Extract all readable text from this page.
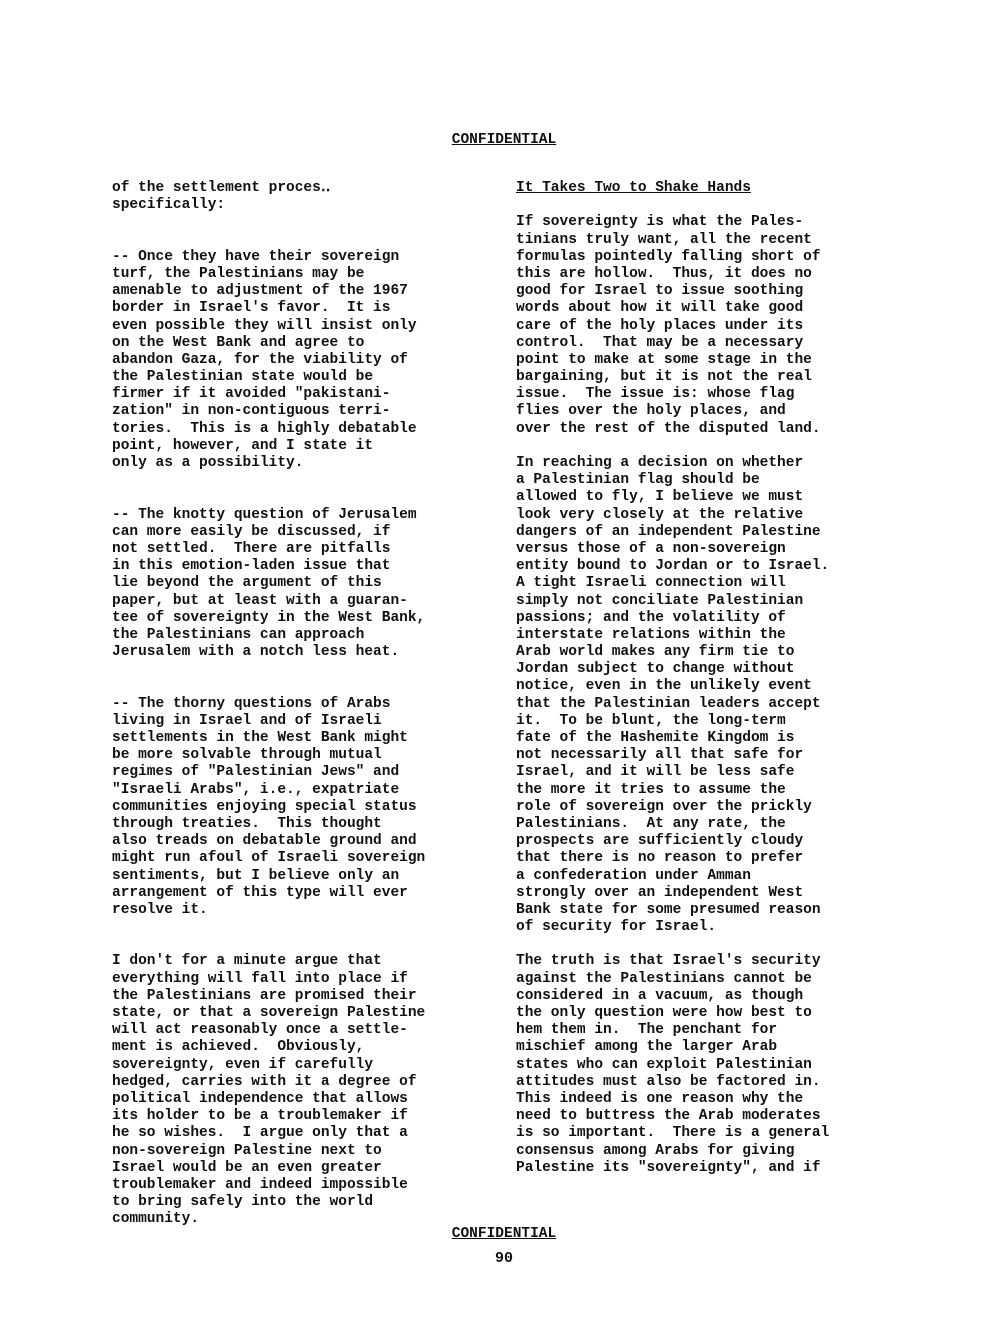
CONFIDENTIAL
of the settlement proces․․
specifically:
-- Once they have their sovereign
turf, the Palestinians may be
amenable to adjustment of the 1967
border in Israel's favor.  It is
even possible they will insist only
on the West Bank and agree to
abandon Gaza, for the viability of
the Palestinian state would be
firmer if it avoided "pakistani-
zation" in non-contiguous terri-
tories.  This is a highly debatable
point, however, and I state it
only as a possibility.
-- The knotty question of Jerusalem
can more easily be discussed, if
not settled.  There are pitfalls
in this emotion-laden issue that
lie beyond the argument of this
paper, but at least with a guaran-
tee of sovereignty in the West Bank,
the Palestinians can approach
Jerusalem with a notch less heat.
-- The thorny questions of Arabs
living in Israel and of Israeli
settlements in the West Bank might
be more solvable through mutual
regimes of "Palestinian Jews" and
"Israeli Arabs", i.e., expatriate
communities enjoying special status
through treaties.  This thought
also treads on debatable ground and
might run afoul of Israeli sovereign
sentiments, but I believe only an
arrangement of this type will ever
resolve it.
I don't for a minute argue that
everything will fall into place if
the Palestinians are promised their
state, or that a sovereign Palestine
will act reasonably once a settle-
ment is achieved.  Obviously,
sovereignty, even if carefully
hedged, carries with it a degree of
political independence that allows
its holder to be a troublemaker if
he so wishes.  I argue only that a
non-sovereign Palestine next to
Israel would be an even greater
troublemaker and indeed impossible
to bring safely into the world
community.
It Takes Two to Shake Hands
If sovereignty is what the Pales-
tinians truly want, all the recent
formulas pointedly falling short of
this are hollow.  Thus, it does no
good for Israel to issue soothing
words about how it will take good
care of the holy places under its
control.  That may be a necessary
point to make at some stage in the
bargaining, but it is not the real
issue.  The issue is: whose flag
flies over the holy places, and
over the rest of the disputed land.
In reaching a decision on whether
a Palestinian flag should be
allowed to fly, I believe we must
look very closely at the relative
dangers of an independent Palestine
versus those of a non-sovereign
entity bound to Jordan or to Israel.
A tight Israeli connection will
simply not conciliate Palestinian
passions; and the volatility of
interstate relations within the
Arab world makes any firm tie to
Jordan subject to change without
notice, even in the unlikely event
that the Palestinian leaders accept
it.  To be blunt, the long-term
fate of the Hashemite Kingdom is
not necessarily all that safe for
Israel, and it will be less safe
the more it tries to assume the
role of sovereign over the prickly
Palestinians.  At any rate, the
prospects are sufficiently cloudy
that there is no reason to prefer
a confederation under Amman
strongly over an independent West
Bank state for some presumed reason
of security for Israel.
The truth is that Israel's security
against the Palestinians cannot be
considered in a vacuum, as though
the only question were how best to
hem them in.  The penchant for
mischief among the larger Arab
states who can exploit Palestinian
attitudes must also be factored in.
This indeed is one reason why the
need to buttress the Arab moderates
is so important.  There is a general
consensus among Arabs for giving
Palestine its "sovereignty", and if
CONFIDENTIAL
90
